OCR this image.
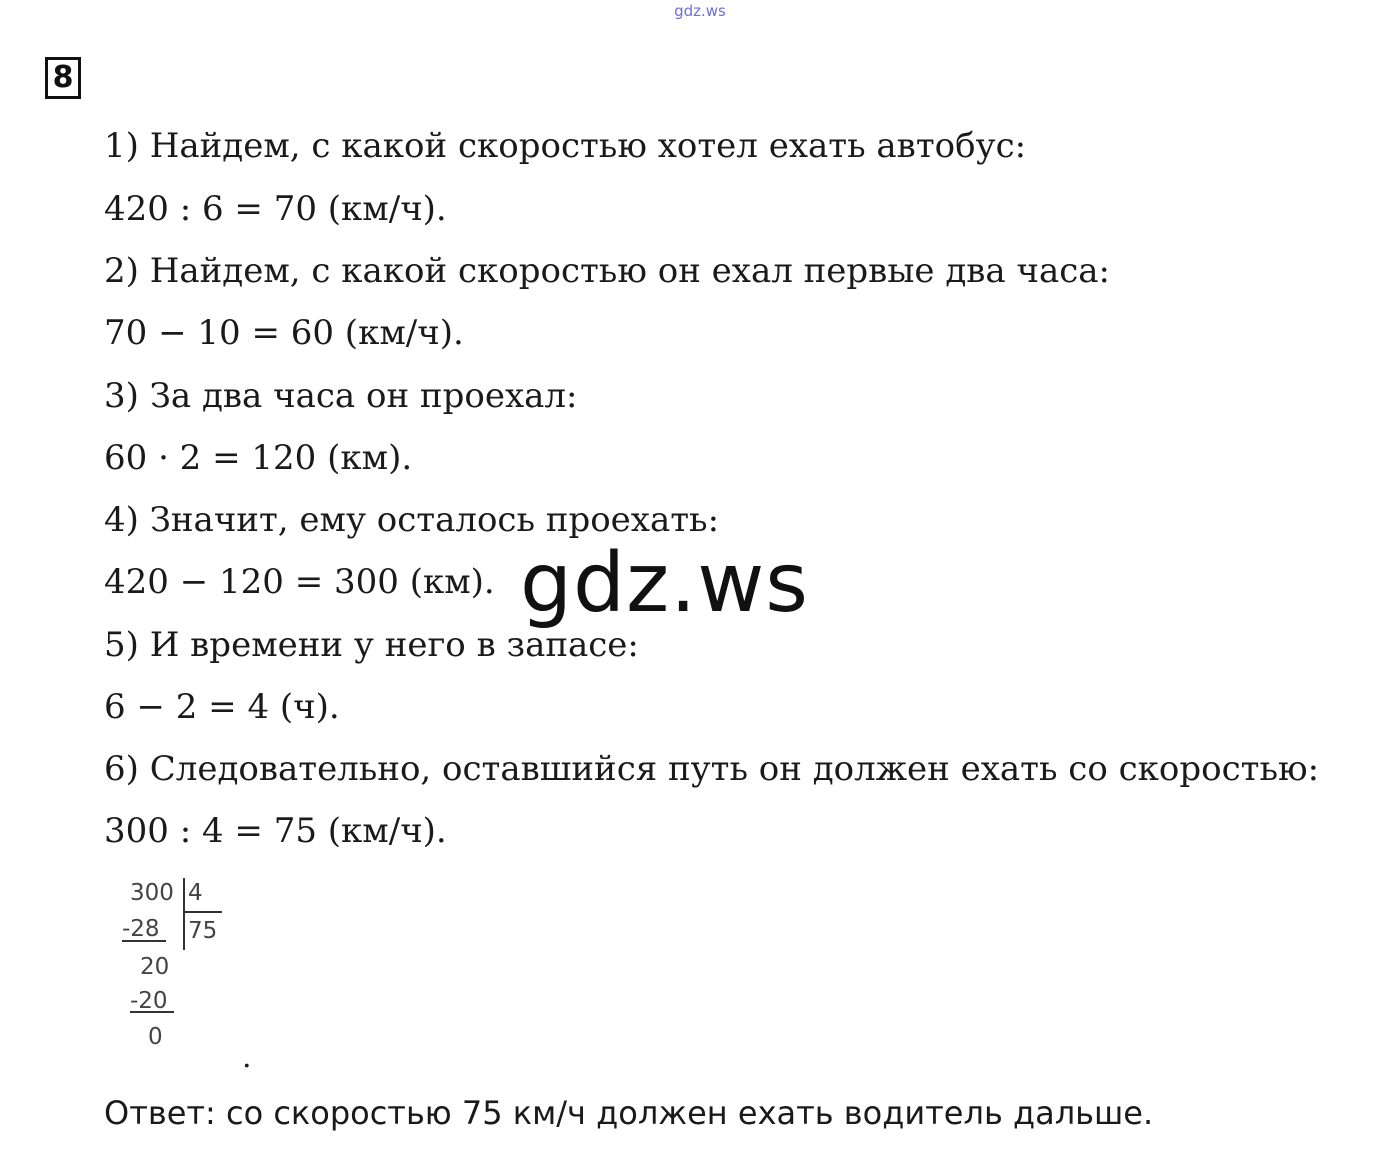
gdz.ws
8
1) Найдем, с какой скоростью хотел ехать автобус:
420 : 6 = 70 (км/ч).
2) Найдем, с какой скоростью он ехал первые два часа:
70 − 10 = 60 (км/ч).
3) За два часа он проехал:
60 · 2 = 120 (км).
4) Значит, ему осталось проехать:
420 − 120 = 300 (км).
5) И времени у него в запасе:
6 − 2 = 4 (ч).
6) Следовательно, оставшийся путь он должен ехать со скоростью:
300 : 4 = 75 (км/ч).
gdz.ws
300 4
-28 75
20
-20
0
.
Ответ: со скоростью 75 км/ч должен ехать водитель дальше.
